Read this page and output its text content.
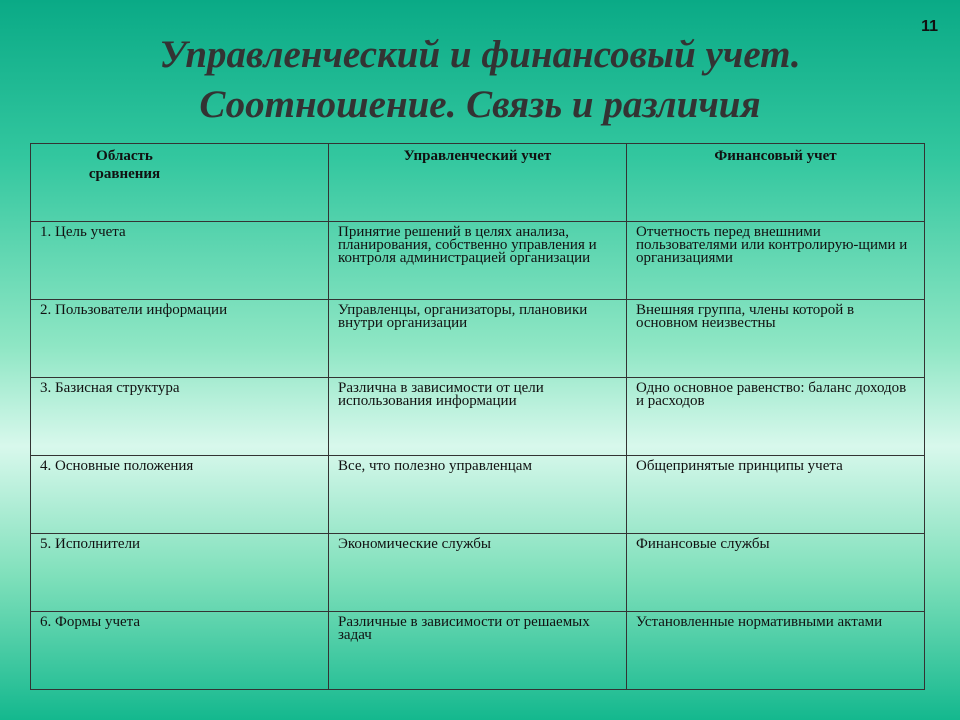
11
Управленческий и финансовый учет.
Соотношение. Связь и различия
Область
сравнения	Управленческий учет	Финансовый учет
1. Цель учета	Принятие решений в целях анализа, планирования, собственно управления и контроля администрацией организации	Отчетность перед внешними пользователями или контролирую-щими и организациями
2. Пользователи информации	Управленцы, организаторы, плановики внутри организации	Внешняя группа, члены которой в основном неизвестны
3. Базисная структура	Различна в зависимости от цели использования информации	Одно основное равенство: баланс доходов и расходов
4. Основные положения	Все, что полезно управленцам	Общепринятые принципы учета
5. Исполнители	Экономические службы	Финансовые службы
6. Формы учета	Различные в зависимости от решаемых задач	Установленные нормативными актами
